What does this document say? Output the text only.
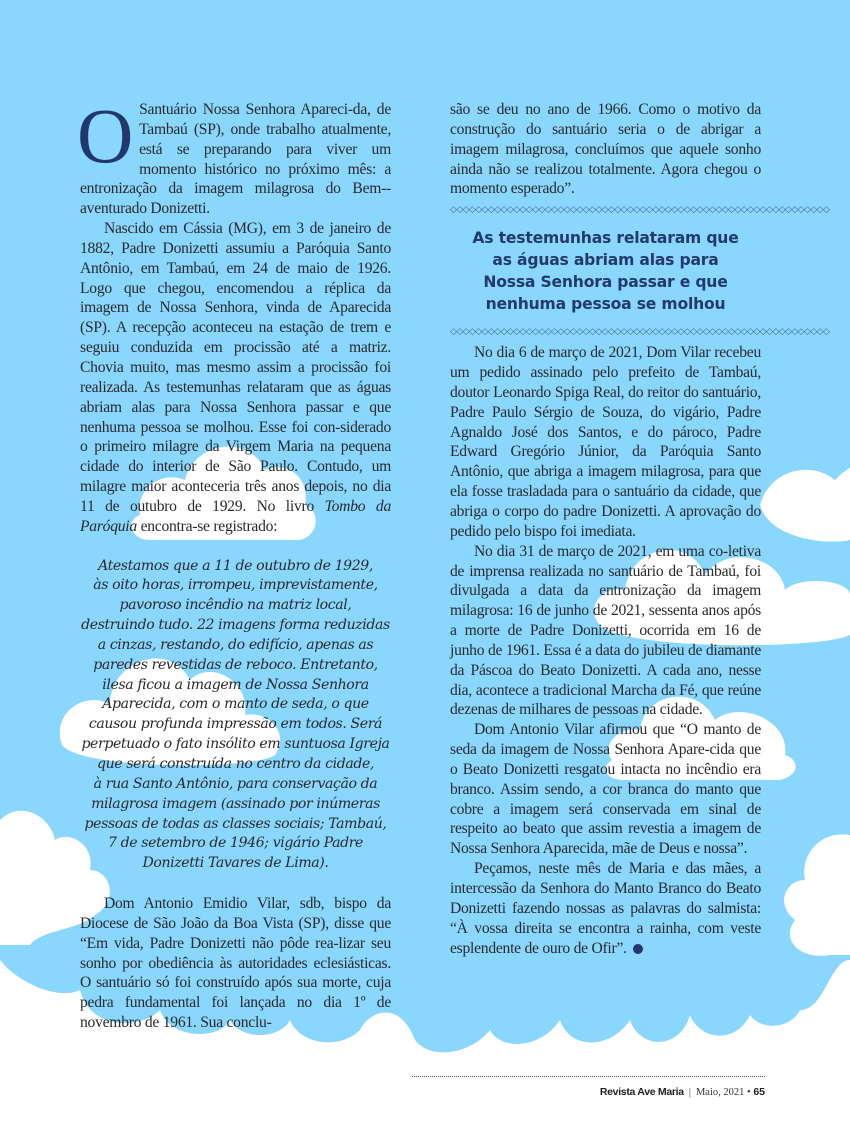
O Santuário Nossa Senhora Apareci-da, de Tambaú (SP), onde trabalho atualmente, está se preparando para viver um momento histórico no próximo mês: a entronização da imagem milagrosa do Bem--aventurado Donizetti.

Nascido em Cássia (MG), em 3 de janeiro de 1882, Padre Donizetti assumiu a Paróquia Santo Antônio, em Tambaú, em 24 de maio de 1926. Logo que chegou, encomendou a réplica da imagem de Nossa Senhora, vinda de Aparecida (SP). A recepção aconteceu na estação de trem e seguiu conduzida em procissão até a matriz. Chovia muito, mas mesmo assim a procissão foi realizada. As testemunhas relataram que as águas abriam alas para Nossa Senhora passar e que nenhuma pessoa se molhou. Esse foi con-siderado o primeiro milagre da Virgem Maria na pequena cidade do interior de São Paulo. Contudo, um milagre maior aconteceria três anos depois, no dia 11 de outubro de 1929. No livro Tombo da Paróquia encontra-se registrado:

Atestamos que a 11 de outubro de 1929,
às oito horas, irrompeu, imprevistamente,
pavoroso incêndio na matriz local,
destruindo tudo. 22 imagens forma reduzidas
a cinzas, restando, do edifício, apenas as
paredes revestidas de reboco. Entretanto,
ilesa ficou a imagem de Nossa Senhora
Aparecida, com o manto de seda, o que
causou profunda impressão em todos. Será
perpetuado o fato insólito em suntuosa Igreja
que será construída no centro da cidade,
à rua Santo Antônio, para conservação da
milagrosa imagem (assinado por inúmeras
pessoas de todas as classes sociais; Tambaú,
7 de setembro de 1946; vigário Padre
Donizetti Tavares de Lima).

Dom Antonio Emidio Vilar, sdb, bispo da Diocese de São João da Boa Vista (SP), disse que “Em vida, Padre Donizetti não pôde rea-lizar seu sonho por obediência às autoridades eclesiásticas. O santuário só foi construído após sua morte, cuja pedra fundamental foi lançada no dia 1º de novembro de 1961. Sua conclu-

são se deu no ano de 1966. Como o motivo da construção do santuário seria o de abrigar a imagem milagrosa, concluímos que aquele sonho ainda não se realizou totalmente. Agora chegou o momento esperado”.

◇◇◇◇◇◇◇◇◇◇◇◇◇◇◇◇◇◇◇◇◇◇◇◇◇◇◇◇◇◇◇◇◇◇◇◇◇◇◇◇◇◇◇◇◇◇◇◇◇◇◇◇◇◇◇◇◇◇◇◇

As testemunhas relataram que
as águas abriam alas para
Nossa Senhora passar e que
nenhuma pessoa se molhou

◇◇◇◇◇◇◇◇◇◇◇◇◇◇◇◇◇◇◇◇◇◇◇◇◇◇◇◇◇◇◇◇◇◇◇◇◇◇◇◇◇◇◇◇◇◇◇◇◇◇◇◇◇◇◇◇◇◇◇◇

No dia 6 de março de 2021, Dom Vilar recebeu um pedido assinado pelo prefeito de Tambaú, doutor Leonardo Spiga Real, do reitor do santuário, Padre Paulo Sérgio de Souza, do vigário, Padre Agnaldo José dos Santos, e do pároco, Padre Edward Gregório Júnior, da Paróquia Santo Antônio, que abriga a imagem milagrosa, para que ela fosse trasladada para o santuário da cidade, que abriga o corpo do padre Donizetti. A aprovação do pedido pelo bispo foi imediata.

No dia 31 de março de 2021, em uma co-letiva de imprensa realizada no santuário de Tambaú, foi divulgada a data da entronização da imagem milagrosa: 16 de junho de 2021, sessenta anos após a morte de Padre Donizetti, ocorrida em 16 de junho de 1961. Essa é a data do jubileu de diamante da Páscoa do Beato Donizetti. A cada ano, nesse dia, acontece a tradicional Marcha da Fé, que reúne dezenas de milhares de pessoas na cidade.

Dom Antonio Vilar afirmou que “O manto de seda da imagem de Nossa Senhora Apare-cida que o Beato Donizetti resgatou intacta no incêndio era branco. Assim sendo, a cor branca do manto que cobre a imagem será conservada em sinal de respeito ao beato que assim revestia a imagem de Nossa Senhora Aparecida, mãe de Deus e nossa”.

Peçamos, neste mês de Maria e das mães, a intercessão da Senhora do Manto Branco do Beato Donizetti fazendo nossas as palavras do salmista: “À vossa direita se encontra a rainha, com veste esplendente de ouro de Ofir”.

Revista Ave Maria | Maio, 2021 • 65
